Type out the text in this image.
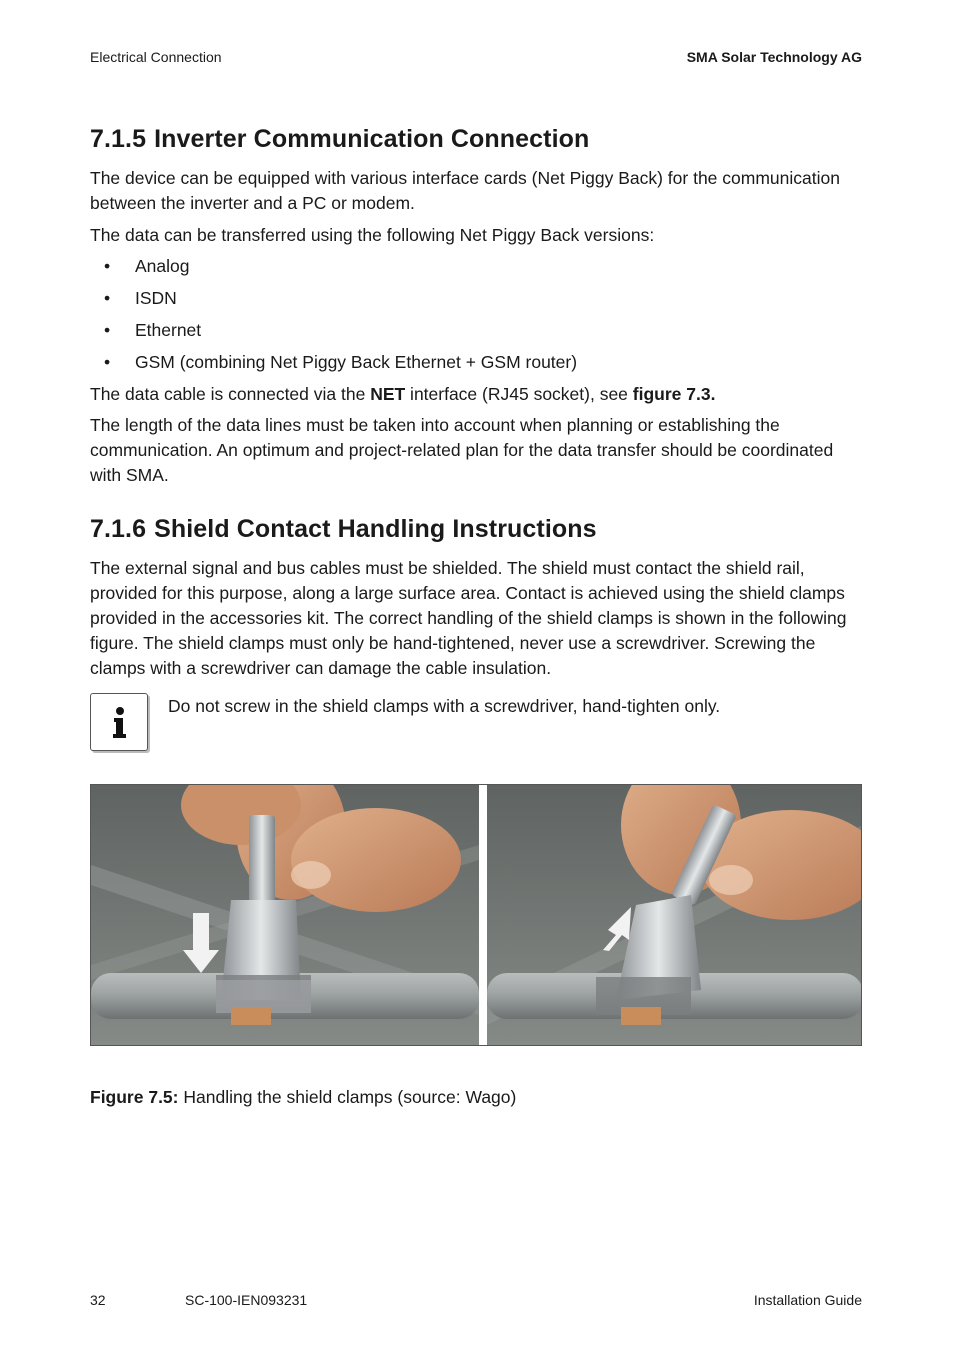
Electrical Connection	SMA Solar Technology AG
7.1.5 Inverter Communication Connection

The device can be equipped with various interface cards (Net Piggy Back) for the communication between the inverter and a PC or modem.

The data can be transferred using the following Net Piggy Back versions:

• Analog
• ISDN
• Ethernet
• GSM (combining Net Piggy Back Ethernet + GSM router)

The data cable is connected via the NET interface (RJ45 socket), see figure 7.3.

The length of the data lines must be taken into account when planning or establishing the communication. An optimum and project-related plan for the data transfer should be coordinated with SMA.

7.1.6 Shield Contact Handling Instructions

The external signal and bus cables must be shielded. The shield must contact the shield rail, provided for this purpose, along a large surface area. Contact is achieved using the shield clamps provided in the accessories kit. The correct handling of the shield clamps is shown in the following figure. The shield clamps must only be hand-tightened, never use a screwdriver. Screwing the clamps with a screwdriver can damage the cable insulation.

Do not screw in the shield clamps with a screwdriver, hand-tighten only.
Figure 7.5: Handling the shield clamps (source: Wago)
32	SC-100-IEN093231	Installation Guide
